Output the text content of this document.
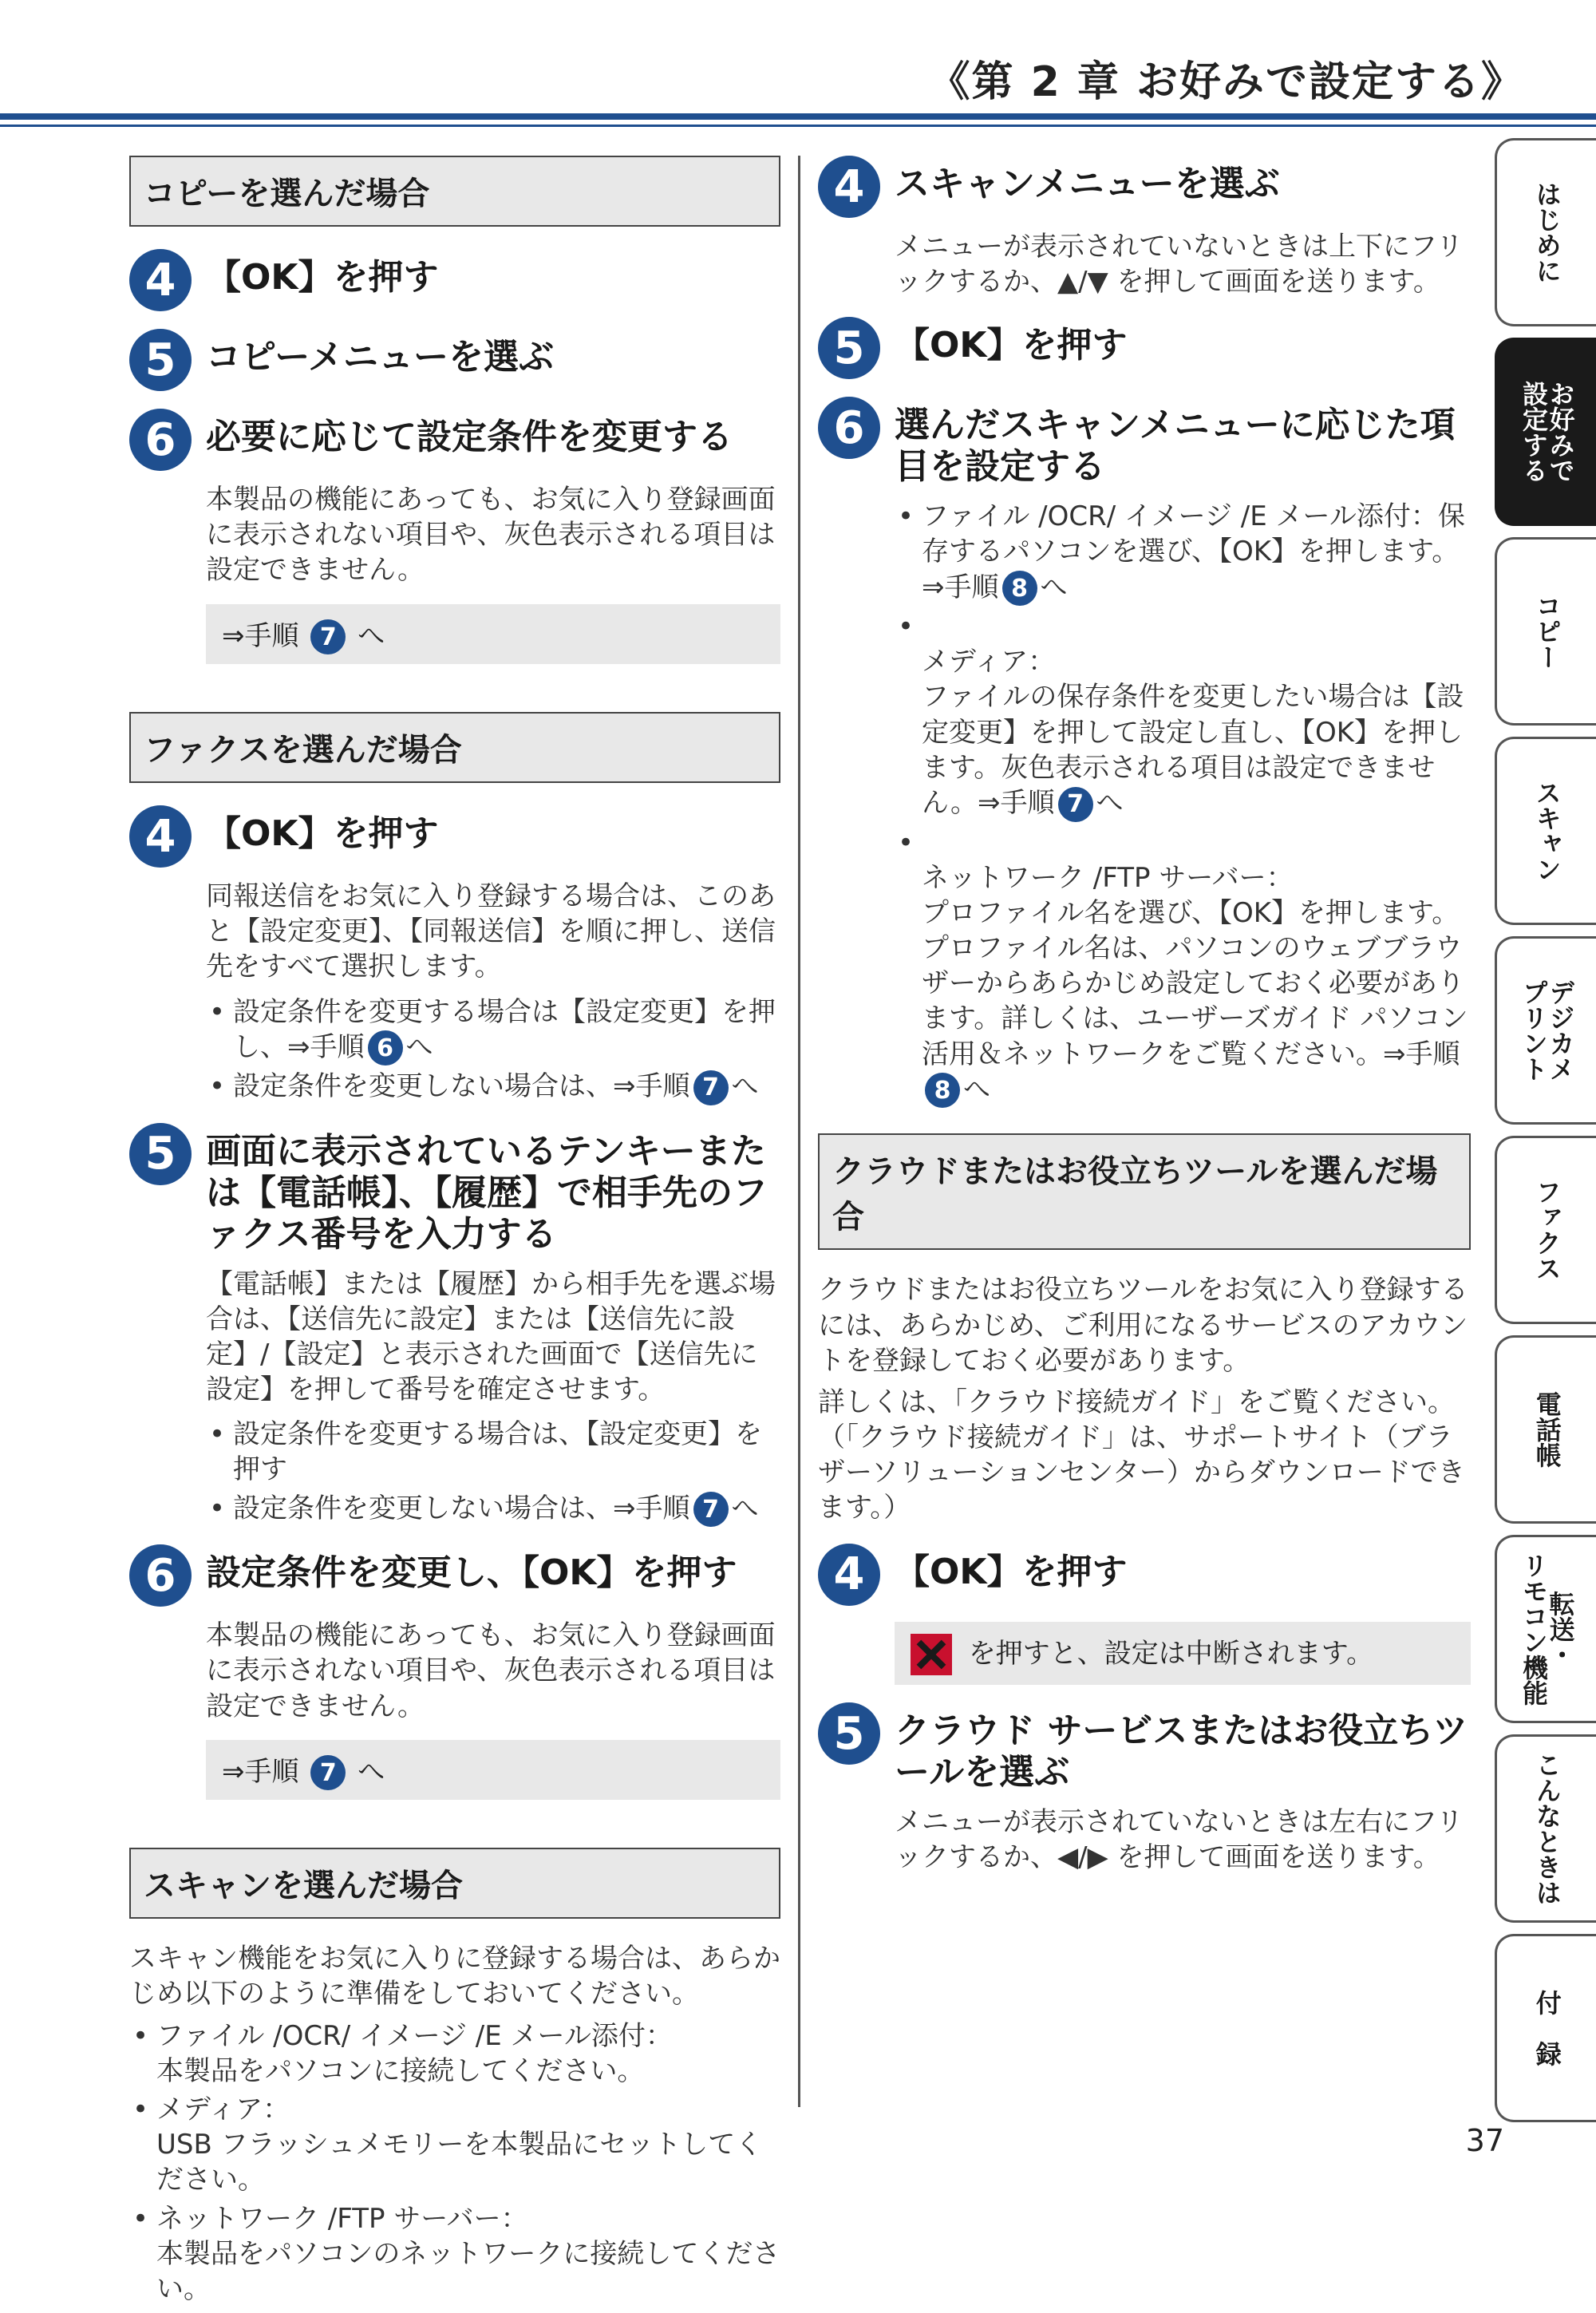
《第 2 章 お好みで設定する》
コピーを選んだ場合
4 【OK】を押す
5 コピーメニューを選ぶ
6 必要に応じて設定条件を変更する
本製品の機能にあっても、お気に入り登録画面に表示されない項目や、灰色表示される項目は設定できません。
⇒手順 7 へ
ファクスを選んだ場合
4 【OK】を押す
同報送信をお気に入り登録する場合は、このあと【設定変更】、【同報送信】を順に押し、送信先をすべて選択します。
• 設定条件を変更する場合は【設定変更】を押し、⇒手順 6 へ
• 設定条件を変更しない場合は、⇒手順 7 へ
5 画面に表示されているテンキーまたは【電話帳】、【履歴】で相手先のファクス番号を入力する
【電話帳】または【履歴】から相手先を選ぶ場合は、【送信先に設定】または【送信先に設定】/【設定】と表示された画面で【送信先に設定】を押して番号を確定させます。
• 設定条件を変更する場合は、【設定変更】を押す
• 設定条件を変更しない場合は、⇒手順 7 へ
6 設定条件を変更し、【OK】を押す
本製品の機能にあっても、お気に入り登録画面に表示されない項目や、灰色表示される項目は設定できません。
⇒手順 7 へ
スキャンを選んだ場合
スキャン機能をお気に入りに登録する場合は、あらかじめ以下のように準備をしておいてください。
• ファイル /OCR/ イメージ /E メール添付：
本製品をパソコンに接続してください。
• メディア：
USB フラッシュメモリーを本製品にセットしてください。
• ネットワーク /FTP サーバー：
本製品をパソコンのネットワークに接続してください。
4 スキャンメニューを選ぶ
メニューが表示されていないときは上下にフリックするか、▲/▼ を押して画面を送ります。
5 【OK】を押す
6 選んだスキャンメニューに応じた項目を設定する
• ファイル /OCR/ イメージ /E メール添付：保存するパソコンを選び、【OK】を押します。⇒手順 8 へ

• メディア：
ファイルの保存条件を変更したい場合は【設定変更】を押して設定し直し、【OK】を押します。灰色表示される項目は設定できません。⇒手順 7 へ

• ネットワーク /FTP サーバー：
プロファイル名を選び、【OK】を押します。プロファイル名は、パソコンのウェブブラウザーからあらかじめ設定しておく必要があります。詳しくは、ユーザーズガイド パソコン活用＆ネットワークをご覧ください。⇒手順8 へ

クラウドまたはお役立ちツールを選んだ場合
クラウドまたはお役立ちツールをお気に入り登録するには、あらかじめ、ご利用になるサービスのアカウントを登録しておく必要があります。
詳しくは、「クラウド接続ガイド」をご覧ください。（「クラウド接続ガイド」は、サポートサイト（ブラザーソリューションセンター）からダウンロードできます。）
4 【OK】を押す
を押すと、設定は中断されます。
5 クラウド サービスまたはお役立ちツールを選ぶ
メニューが表示されていないときは左右にフリックするか、◀/▶ を押して画面を送ります。
はじめに
お好みで
設定する
コピー
スキャン
デジカメ
プリント
ファクス
電話帳
転送・
リモコン機能
こんなときは
付　録
37
